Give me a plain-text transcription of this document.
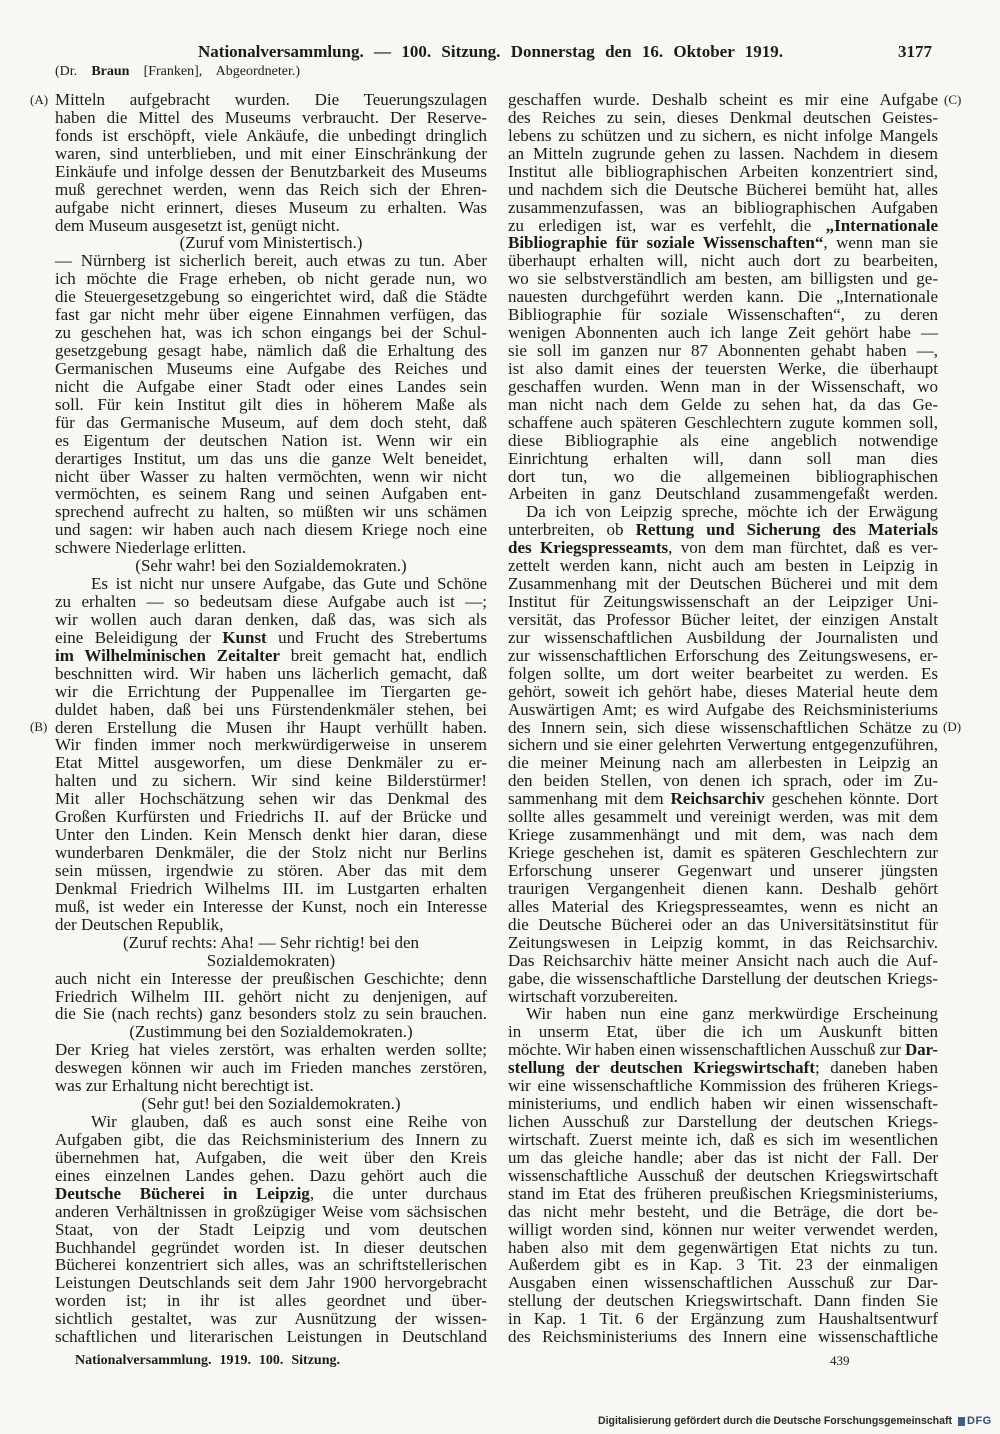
Nationalversammlung. — 100. Sitzung. Donnerstag den 16. Oktober 1919.	3177
(Dr. Braun [Franken], Abgeordneter.)
Mitteln aufgebracht wurden. Die Teuerungszulagen
haben die Mittel des Museums verbraucht. Der Reserve-
fonds ist erschöpft, viele Ankäufe, die unbedingt dringlich
waren, sind unterblieben, und mit einer Einschränkung der
Einkäufe und infolge dessen der Benutzbarkeit des Museums
muß gerechnet werden, wenn das Reich sich der Ehren-
aufgabe nicht erinnert, dieses Museum zu erhalten. Was
dem Museum ausgesetzt ist, genügt nicht.
(Zuruf vom Ministertisch.)
— Nürnberg ist sicherlich bereit, auch etwas zu tun. Aber
ich möchte die Frage erheben, ob nicht gerade nun, wo
die Steuergesetzgebung so eingerichtet wird, daß die Städte
fast gar nicht mehr über eigene Einnahmen verfügen, das
zu geschehen hat, was ich schon eingangs bei der Schul-
gesetzgebung gesagt habe, nämlich daß die Erhaltung des
Germanischen Museums eine Aufgabe des Reiches und
nicht die Aufgabe einer Stadt oder eines Landes sein
soll. Für kein Institut gilt dies in höherem Maße als
für das Germanische Museum, auf dem doch steht, daß
es Eigentum der deutschen Nation ist. Wenn wir ein
derartiges Institut, um das uns die ganze Welt beneidet,
nicht über Wasser zu halten vermöchten, wenn wir nicht
vermöchten, es seinem Rang und seinen Aufgaben ent-
sprechend aufrecht zu halten, so müßten wir uns schämen
und sagen: wir haben auch nach diesem Kriege noch eine
schwere Niederlage erlitten.
(Sehr wahr! bei den Sozialdemokraten.)
Es ist nicht nur unsere Aufgabe, das Gute und Schöne
zu erhalten — so bedeutsam diese Aufgabe auch ist —;
wir wollen auch daran denken, daß das, was sich als
eine Beleidigung der Kunst und Frucht des Strebertums
im Wilhelminischen Zeitalter breit gemacht hat, endlich
beschnitten wird. Wir haben uns lächerlich gemacht, daß
wir die Errichtung der Puppenallee im Tiergarten ge-
duldet haben, daß bei uns Fürstendenkmäler stehen, bei
deren Erstellung die Musen ihr Haupt verhüllt haben.
Wir finden immer noch merkwürdigerweise in unserem
Etat Mittel ausgeworfen, um diese Denkmäler zu er-
halten und zu sichern. Wir sind keine Bilderstürmer!
Mit aller Hochschätzung sehen wir das Denkmal des
Großen Kurfürsten und Friedrichs II. auf der Brücke und
Unter den Linden. Kein Mensch denkt hier daran, diese
wunderbaren Denkmäler, die der Stolz nicht nur Berlins
sein müssen, irgendwie zu stören. Aber das mit dem
Denkmal Friedrich Wilhelms III. im Lustgarten erhalten
muß, ist weder ein Interesse der Kunst, noch ein Interesse
der Deutschen Republik,
(Zuruf rechts: Aha! — Sehr richtig! bei den
Sozialdemokraten)
auch nicht ein Interesse der preußischen Geschichte; denn
Friedrich Wilhelm III. gehört nicht zu denjenigen, auf
die Sie (nach rechts) ganz besonders stolz zu sein brauchen.
(Zustimmung bei den Sozialdemokraten.)
Der Krieg hat vieles zerstört, was erhalten werden sollte;
deswegen können wir auch im Frieden manches zerstören,
was zur Erhaltung nicht berechtigt ist.
(Sehr gut! bei den Sozialdemokraten.)
Wir glauben, daß es auch sonst eine Reihe von
Aufgaben gibt, die das Reichsministerium des Innern zu
übernehmen hat, Aufgaben, die weit über den Kreis
eines einzelnen Landes gehen. Dazu gehört auch die
Deutsche Bücherei in Leipzig, die unter durchaus
anderen Verhältnissen in großzügiger Weise vom sächsischen
Staat, von der Stadt Leipzig und vom deutschen
Buchhandel gegründet worden ist. In dieser deutschen
Bücherei konzentriert sich alles, was an schriftstellerischen
Leistungen Deutschlands seit dem Jahr 1900 hervorgebracht
worden ist; in ihr ist alles geordnet und über-
sichtlich gestaltet, was zur Ausnützung der wissen-
schaftlichen und literarischen Leistungen in Deutschland
geschaffen wurde. Deshalb scheint es mir eine Aufgabe
des Reiches zu sein, dieses Denkmal deutschen Geistes-
lebens zu schützen und zu sichern, es nicht infolge Mangels
an Mitteln zugrunde gehen zu lassen. Nachdem in diesem
Institut alle bibliographischen Arbeiten konzentriert sind,
und nachdem sich die Deutsche Bücherei bemüht hat, alles
zusammenzufassen, was an bibliographischen Aufgaben
zu erledigen ist, war es verfehlt, die „Internationale
Bibliographie für soziale Wissenschaften“, wenn man sie
überhaupt erhalten will, nicht auch dort zu bearbeiten,
wo sie selbstverständlich am besten, am billigsten und ge-
nauesten durchgeführt werden kann. Die „Internationale
Bibliographie für soziale Wissenschaften“, zu deren
wenigen Abonnenten auch ich lange Zeit gehört habe —
sie soll im ganzen nur 87 Abonnenten gehabt haben —,
ist also damit eines der teuersten Werke, die überhaupt
geschaffen wurden. Wenn man in der Wissenschaft, wo
man nicht nach dem Gelde zu sehen hat, da das Ge-
schaffene auch späteren Geschlechtern zugute kommen soll,
diese Bibliographie als eine angeblich notwendige
Einrichtung erhalten will, dann soll man dies
dort tun, wo die allgemeinen bibliographischen
Arbeiten in ganz Deutschland zusammengefaßt werden.
Da ich von Leipzig spreche, möchte ich der Erwägung
unterbreiten, ob Rettung und Sicherung des Materials
des Kriegspresseamts, von dem man fürchtet, daß es ver-
zettelt werden kann, nicht auch am besten in Leipzig in
Zusammenhang mit der Deutschen Bücherei und mit dem
Institut für Zeitungswissenschaft an der Leipziger Uni-
versität, das Professor Bücher leitet, der einzigen Anstalt
zur wissenschaftlichen Ausbildung der Journalisten und
zur wissenschaftlichen Erforschung des Zeitungswesens, er-
folgen sollte, um dort weiter bearbeitet zu werden. Es
gehört, soweit ich gehört habe, dieses Material heute dem
Auswärtigen Amt; es wird Aufgabe des Reichsministeriums
des Innern sein, sich diese wissenschaftlichen Schätze zu
sichern und sie einer gelehrten Verwertung entgegenzuführen,
die meiner Meinung nach am allerbesten in Leipzig an
den beiden Stellen, von denen ich sprach, oder im Zu-
sammenhang mit dem Reichsarchiv geschehen könnte. Dort
sollte alles gesammelt und vereinigt werden, was mit dem
Kriege zusammenhängt und mit dem, was nach dem
Kriege geschehen ist, damit es späteren Geschlechtern zur
Erforschung unserer Gegenwart und unserer jüngsten
traurigen Vergangenheit dienen kann. Deshalb gehört
alles Material des Kriegspresseamtes, wenn es nicht an
die Deutsche Bücherei oder an das Universitätsinstitut für
Zeitungswesen in Leipzig kommt, in das Reichsarchiv.
Das Reichsarchiv hätte meiner Ansicht nach auch die Auf-
gabe, die wissenschaftliche Darstellung der deutschen Kriegs-
wirtschaft vorzubereiten.
Wir haben nun eine ganz merkwürdige Erscheinung
in unserm Etat, über die ich um Auskunft bitten
möchte. Wir haben einen wissenschaftlichen Ausschuß zur Dar-
stellung der deutschen Kriegswirtschaft; daneben haben
wir eine wissenschaftliche Kommission des früheren Kriegs-
ministeriums, und endlich haben wir einen wissenschaft-
lichen Ausschuß zur Darstellung der deutschen Kriegs-
wirtschaft. Zuerst meinte ich, daß es sich im wesentlichen
um das gleiche handle; aber das ist nicht der Fall. Der
wissenschaftliche Ausschuß der deutschen Kriegswirtschaft
stand im Etat des früheren preußischen Kriegsministeriums,
das nicht mehr besteht, und die Beträge, die dort be-
willigt worden sind, können nur weiter verwendet werden,
haben also mit dem gegenwärtigen Etat nichts zu tun.
Außerdem gibt es in Kap. 3 Tit. 23 der einmaligen
Ausgaben einen wissenschaftlichen Ausschuß zur Dar-
stellung der deutschen Kriegswirtschaft. Dann finden Sie
in Kap. 1 Tit. 6 der Ergänzung zum Haushaltsentwurf
des Reichsministeriums des Innern eine wissenschaftliche
(A)
(B)
(C)
(D)
Nationalversammlung. 1919. 100. Sitzung.	439
Digitalisierung gefördert durch die Deutsche Forschungsgemeinschaft	DFG
